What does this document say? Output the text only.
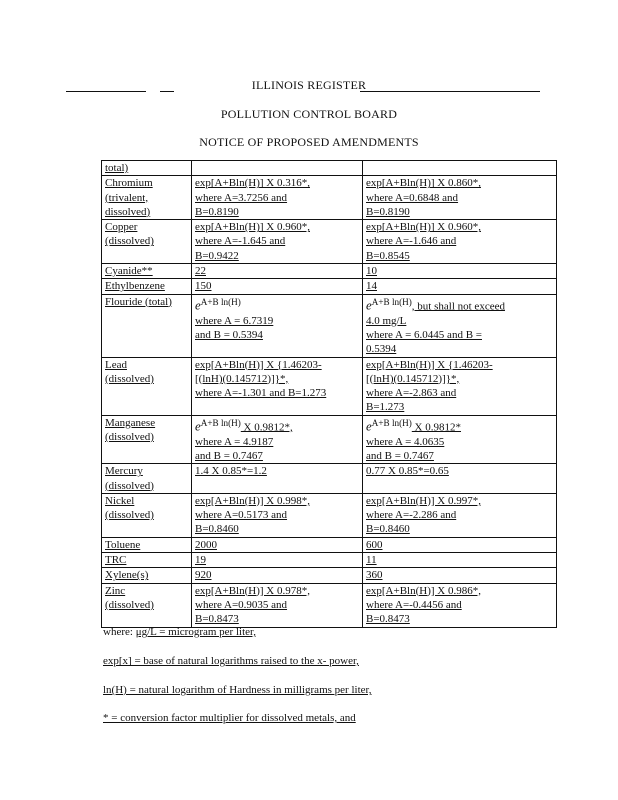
ILLINOIS REGISTER
POLLUTION CONTROL BOARD
NOTICE OF PROPOSED AMENDMENTS
total)		

Chromium
(trivalent,
dissolved)	exp[A+Bln(H)] X 0.316*,
where A=3.7256 and
B=0.8190	exp[A+Bln(H)] X 0.860*,
where A=0.6848 and
B=0.8190

Copper
(dissolved)	exp[A+Bln(H)] X 0.960*,
where A=-1.645 and
B=0.9422	exp[A+Bln(H)] X 0.960*,
where A=-1.646 and
B=0.8545

Cyanide**	22	10

Ethylbenzene	150	14

Flouride (total)	$e^{A+B ln(H)}$
where A = 6.7319
and B = 0.5394	$e^{A+B ln(H)}$, but shall not exceed
4.0 mg/L
where A = 6.0445 and B =
0.5394

Lead
(dissolved)	exp[A+Bln(H)] X {1.46203-
[(lnH)(0.145712)]}*,
where A=-1.301 and B=1.273	exp[A+Bln(H)] X {1.46203-
[(lnH)(0.145712)]}*,
where A=-2.863 and
B=1.273

Manganese
(dissolved)	$e^{A+B ln(H)}$ X 0.9812*,
where A = 4.9187
and B = 0.7467	$e^{A+B ln(H)}$ X 0.9812*
where A = 4.0635
and B = 0.7467

Mercury
(dissolved)	1.4 X 0.85*=1.2	0.77 X 0.85*=0.65

Nickel
(dissolved)	exp[A+Bln(H)] X 0.998*,
where A=0.5173 and
B=0.8460	exp[A+Bln(H)] X 0.997*,
where A=-2.286 and
B=0.8460

Toluene	2000	600

TRC	19	11

Xylene(s)	920	360

Zinc
(dissolved)	exp[A+Bln(H)] X 0.978*,
where A=0.9035 and
B=0.8473	exp[A+Bln(H)] X 0.986*,
where A=-0.4456 and
B=0.8473
where: μg/L = microgram per liter,
exp[x] = base of natural logarithms raised to the x- power,
ln(H) = natural logarithm of Hardness in milligrams per liter,
* = conversion factor multiplier for dissolved metals, and
